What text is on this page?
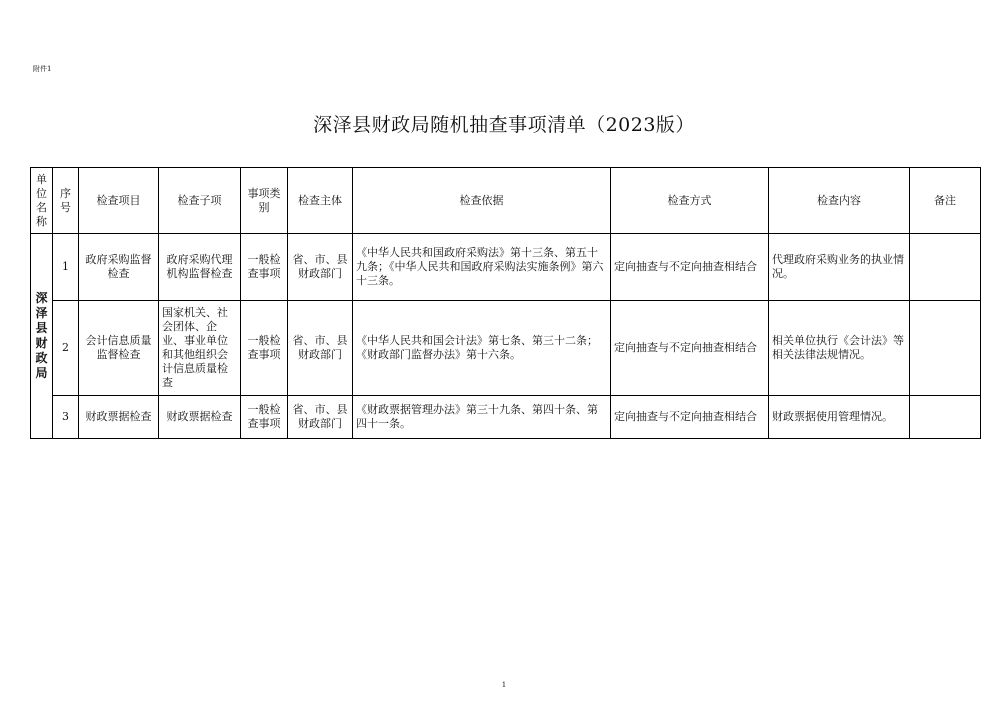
附件1
深泽县财政局随机抽查事项清单（2023版）
单位名称	序号	检查项目	检查子项	事项类别	检查主体	检查依据	检查方式	检查内容	备注
深泽县财政局	1	政府采购监督检查	政府采购代理机构监督检查	一般检查事项	省、市、县财政部门	《中华人民共和国政府采购法》第十三条、第五十九条；《中华人民共和国政府采购法实施条例》第六十三条。	定向抽查与不定向抽查相结合	代理政府采购业务的执业情况。	
	2	会计信息质量监督检查	国家机关、社会团体、企业、事业单位和其他组织会计信息质量检查	一般检查事项	省、市、县财政部门	《中华人民共和国会计法》第七条、第三十二条；《财政部门监督办法》第十六条。	定向抽查与不定向抽查相结合	相关单位执行《会计法》等相关法律法规情况。	
	3	财政票据检查	财政票据检查	一般检查事项	省、市、县财政部门	《财政票据管理办法》第三十九条、第四十条、第四十一条。	定向抽查与不定向抽查相结合	财政票据使用管理情况。	
1
